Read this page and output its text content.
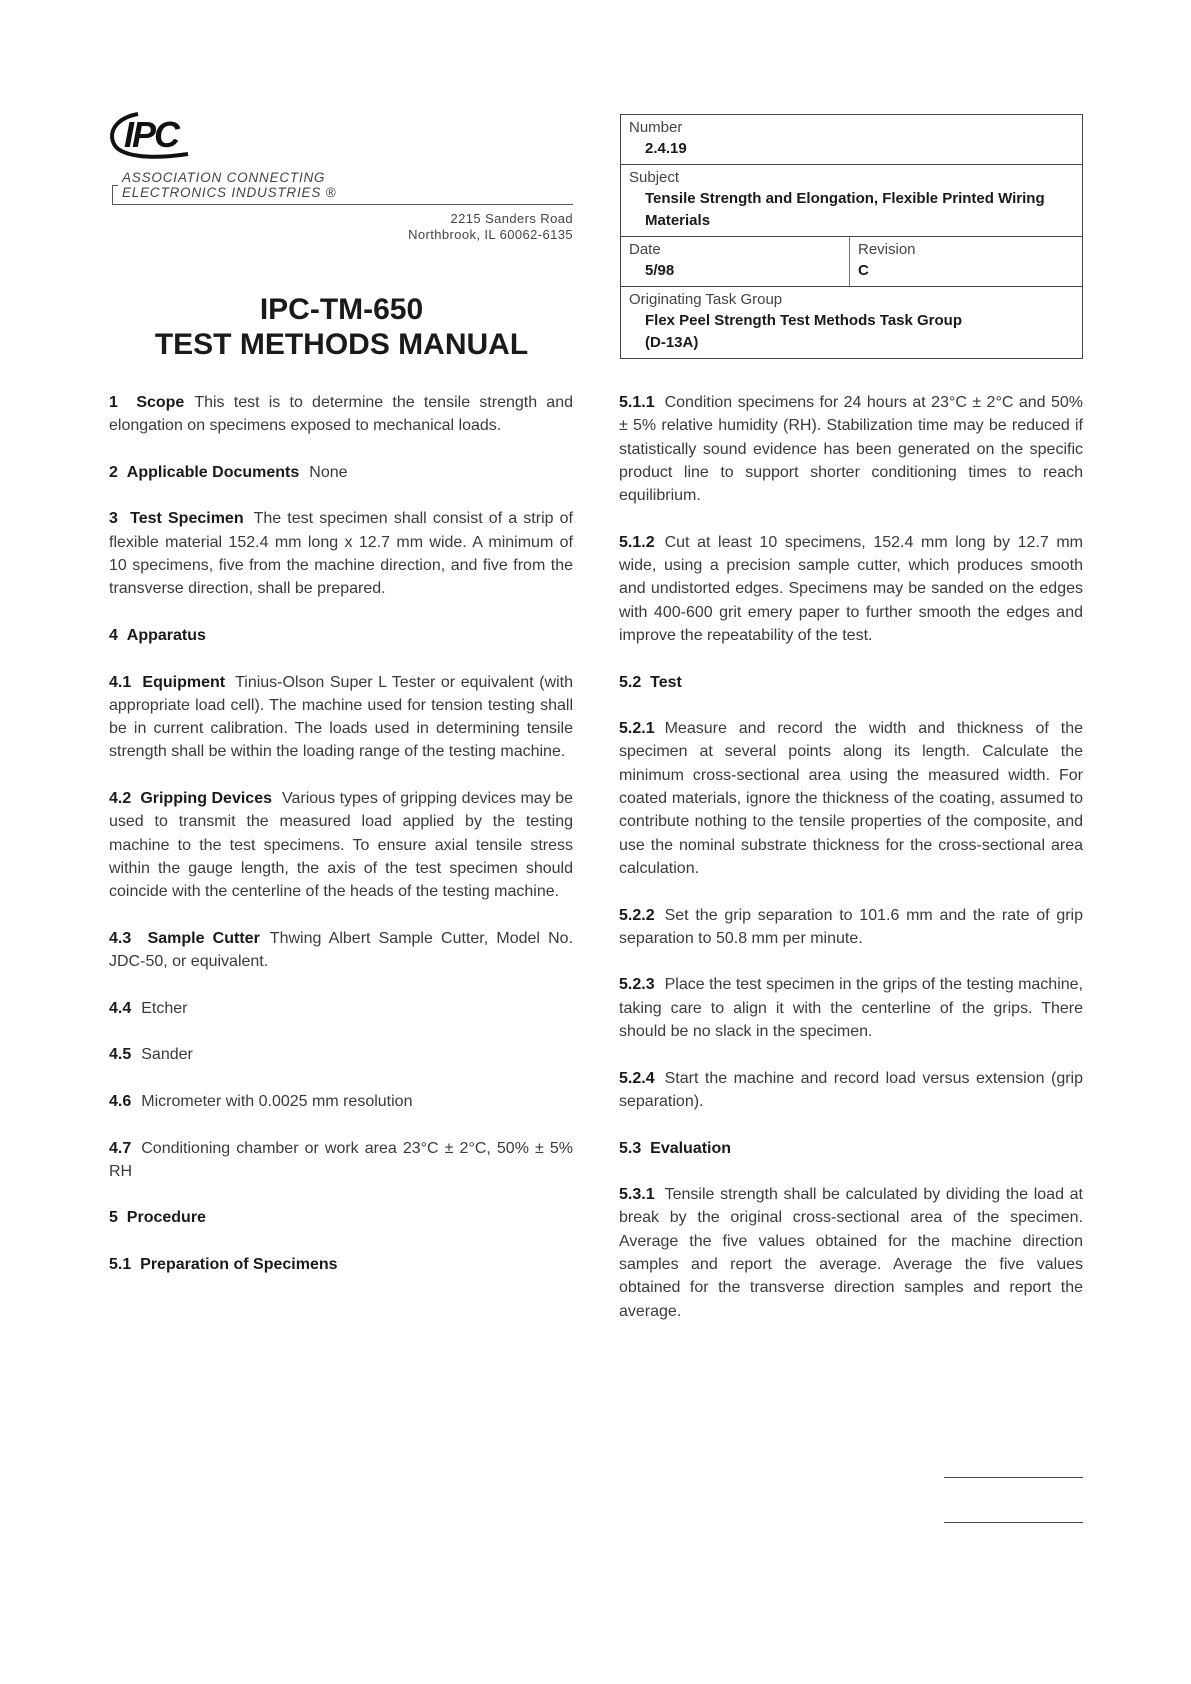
IPC
ASSOCIATION CONNECTING
ELECTRONICS INDUSTRIES ®
2215 Sanders Road
Northbrook, IL 60062-6135
IPC-TM-650
TEST METHODS MANUAL
Number
2.4.19
Subject
Tensile Strength and Elongation, Flexible Printed Wiring Materials
Date
5/98
Revision
C
Originating Task Group
Flex Peel Strength Test Methods Task Group (D-13A)

1 Scope This test is to determine the tensile strength and elongation on specimens exposed to mechanical loads.

2 Applicable Documents None

3 Test Specimen The test specimen shall consist of a strip of flexible material 152.4 mm long x 12.7 mm wide. A minimum of 10 specimens, five from the machine direction, and five from the transverse direction, shall be prepared.

4 Apparatus

4.1 Equipment Tinius-Olson Super L Tester or equivalent (with appropriate load cell). The machine used for tension testing shall be in current calibration. The loads used in determining tensile strength shall be within the loading range of the testing machine.

4.2 Gripping Devices Various types of gripping devices may be used to transmit the measured load applied by the testing machine to the test specimens. To ensure axial tensile stress within the gauge length, the axis of the test specimen should coincide with the centerline of the heads of the testing machine.

4.3 Sample Cutter Thwing Albert Sample Cutter, Model No. JDC-50, or equivalent.

4.4 Etcher

4.5 Sander

4.6 Micrometer with 0.0025 mm resolution

4.7 Conditioning chamber or work area 23°C ± 2°C, 50% ± 5% RH

5 Procedure

5.1 Preparation of Specimens

5.1.1 Condition specimens for 24 hours at 23°C ± 2°C and 50% ± 5% relative humidity (RH). Stabilization time may be reduced if statistically sound evidence has been generated on the specific product line to support shorter conditioning times to reach equilibrium.

5.1.2 Cut at least 10 specimens, 152.4 mm long by 12.7 mm wide, using a precision sample cutter, which produces smooth and undistorted edges. Specimens may be sanded on the edges with 400-600 grit emery paper to further smooth the edges and improve the repeatability of the test.

5.2 Test

5.2.1 Measure and record the width and thickness of the specimen at several points along its length. Calculate the minimum cross-sectional area using the measured width. For coated materials, ignore the thickness of the coating, assumed to contribute nothing to the tensile properties of the composite, and use the nominal substrate thickness for the cross-sectional area calculation.

5.2.2 Set the grip separation to 101.6 mm and the rate of grip separation to 50.8 mm per minute.

5.2.3 Place the test specimen in the grips of the testing machine, taking care to align it with the centerline of the grips. There should be no slack in the specimen.

5.2.4 Start the machine and record load versus extension (grip separation).

5.3 Evaluation

5.3.1 Tensile strength shall be calculated by dividing the load at break by the original cross-sectional area of the specimen. Average the five values obtained for the machine direction samples and report the average. Average the five values obtained for the transverse direction samples and report the average.
